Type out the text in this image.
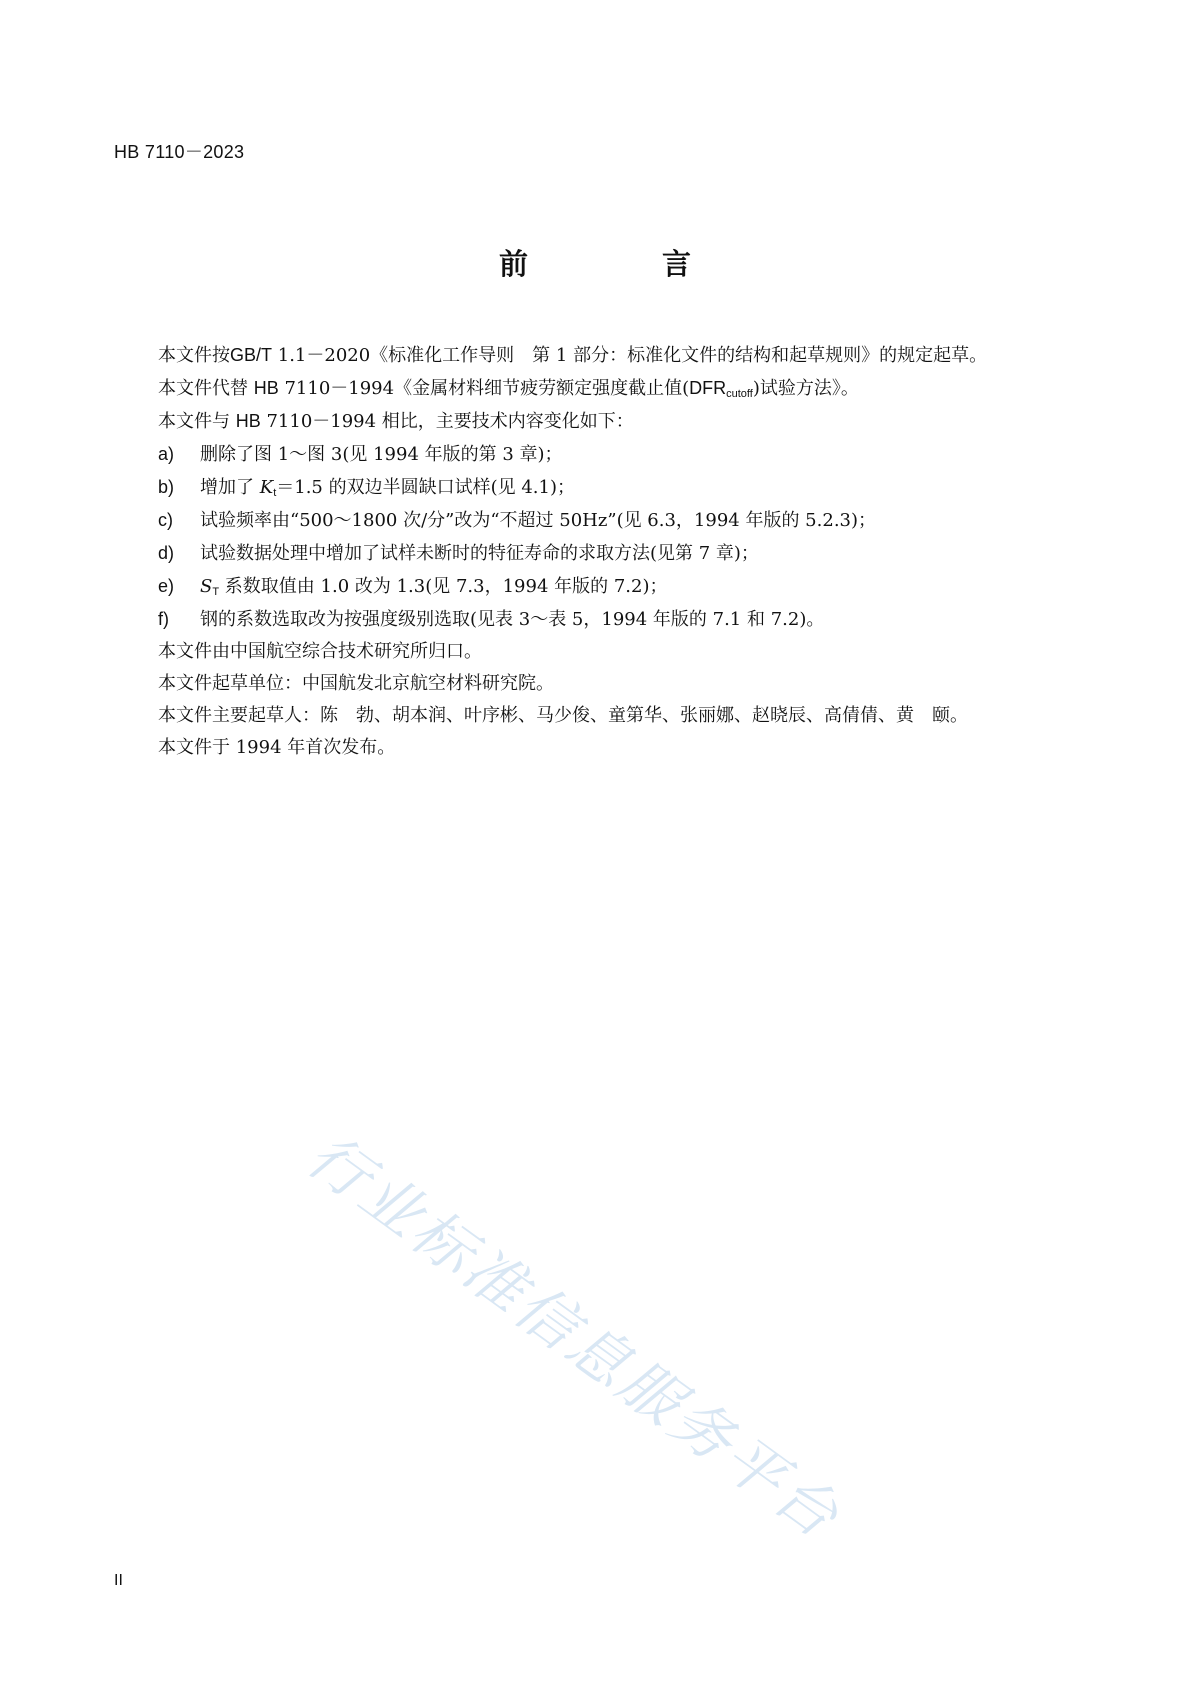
HB 7110－2023
前 言

本文件按GB/T 1.1－2020《标准化工作导则　第 1 部分：标准化文件的结构和起草规则》的规定起草。

本文件代替 HB 7110－1994《金属材料细节疲劳额定强度截止值$(DFR_{cutoff})$试验方法》。

本文件与 HB 7110－1994 相比，主要技术内容变化如下：

a) 删除了图 1～图 3(见 1994 年版的第 3 章)；

b) 增加了 $K_t=1.5$ 的双边半圆缺口试样(见 4.1)；

c) 试验频率由“500～1800 次/分”改为“不超过 50Hz”(见 6.3，1994 年版的 5.2.3)；

d) 试验数据处理中增加了试样未断时的特征寿命的求取方法(见第 7 章)；

e) $S_T$ 系数取值由 1.0 改为 1.3(见 7.3，1994 年版的 7.2)；

f) 钢的系数选取改为按强度级别选取(见表 3～表 5，1994 年版的 7.1 和 7.2)。

本文件由中国航空综合技术研究所归口。

本文件起草单位：中国航发北京航空材料研究院。

本文件主要起草人：陈　勃、胡本润、叶序彬、马少俊、童第华、张丽娜、赵晓辰、高倩倩、黄　颐。

本文件于 1994 年首次发布。

行业标准信息服务平台
II
